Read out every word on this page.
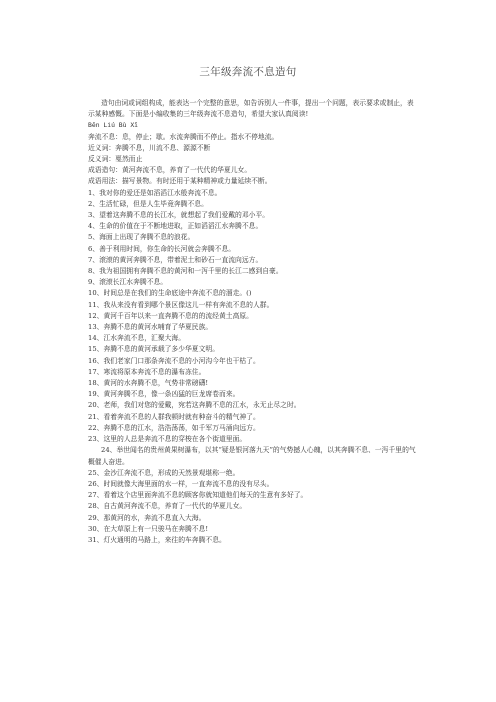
三年级奔流不息造句

造句由词或词组构成，能表达一个完整的意思，如告诉别人一件事，提出一个问题，表示要求或制止，表示某种感慨。下面是小编收集的三年级奔流不息造句，希望大家认真阅读!

Bēn Liú Bù Xī

奔流不息：息，停止；歇。水流奔腾而不停止。指水不停地流。

近义词：奔腾不息，川流不息、源源不断

反义词：戛然而止

成语造句：黄河奔流不息，养育了一代代的华夏儿女。

成语用法：描写景物。有时还用于某种精神或力量延续不断。

1、我对你的爱还是如滔滔江水般奔流不息。

2、生活忙碌，但是人生毕竟奔腾不息。

3、望着这奔腾不息的长江水，就想起了我们爱戴的邓小平。

4、生命的价值在于不断地进取，正如滔滔江水奔腾不息。

5、海面上出现了奔腾不息的浪花。

6、善于利用时间，你生命的长河就会奔腾不息。

7、滚滚的黄河奔腾不息，带着泥土和砂石一直流向远方。

8、我为祖国拥有奔腾不息的黄河和一泻千里的长江二感到自豪。

9、滚滚长江水奔腾不息。

10、时间总是在我们的生命底途中奔流不息的溜走。()

11、我从来没有看到哪个景区像这儿一样有奔流不息的人群。

12、黄河千百年以来一直奔腾不息的的流经黄土高原。

13、奔腾不息的黄河水哺育了华夏民族。

14、江水奔流不息，汇聚大海。

15、奔腾不息的黄河承载了多少华夏文明。

16、我们老家门口那条奔流不息的小河沟今年也干枯了。

17、寒流将原本奔流不息的瀑布冻住。

18、黄河的水奔腾不息，气势非常磅礴!

19、黄河奔腾不息，像一条凶猛的巨龙席卷而来。

20、老师，我们对您的爱戴，宛若这奔腾不息的江水，永无止尽之时。

21、看着奔流不息的人群我顿时就有种奋斗的精气神了。

22、奔腾不息的江水，浩浩荡荡，如千军万马涌向远方。

23、这里的人总是奔流不息的穿梭在各个街道里面。

24、举世闻名的贵州黄果树瀑布，以其“疑是银河落九天”的气势撼人心魄，以其奔腾不息、一泻千里的气概催人奋进。

25、金沙江奔流不息，形成的天然景观堪称一绝。

26、时间就像大海里面的水一样，一直奔流不息的没有尽头。

27、看着这个店里面奔流不息的顾客你就知道他们每天的生意有多好了。

28、自古黄河奔流不息，养育了一代代的华夏儿女。

29、那黄河的水，奔流不息直入大海。

30、在大草原上有一只骏马在奔腾不息!

31、灯火通明的马路上，来往的车奔腾不息。
